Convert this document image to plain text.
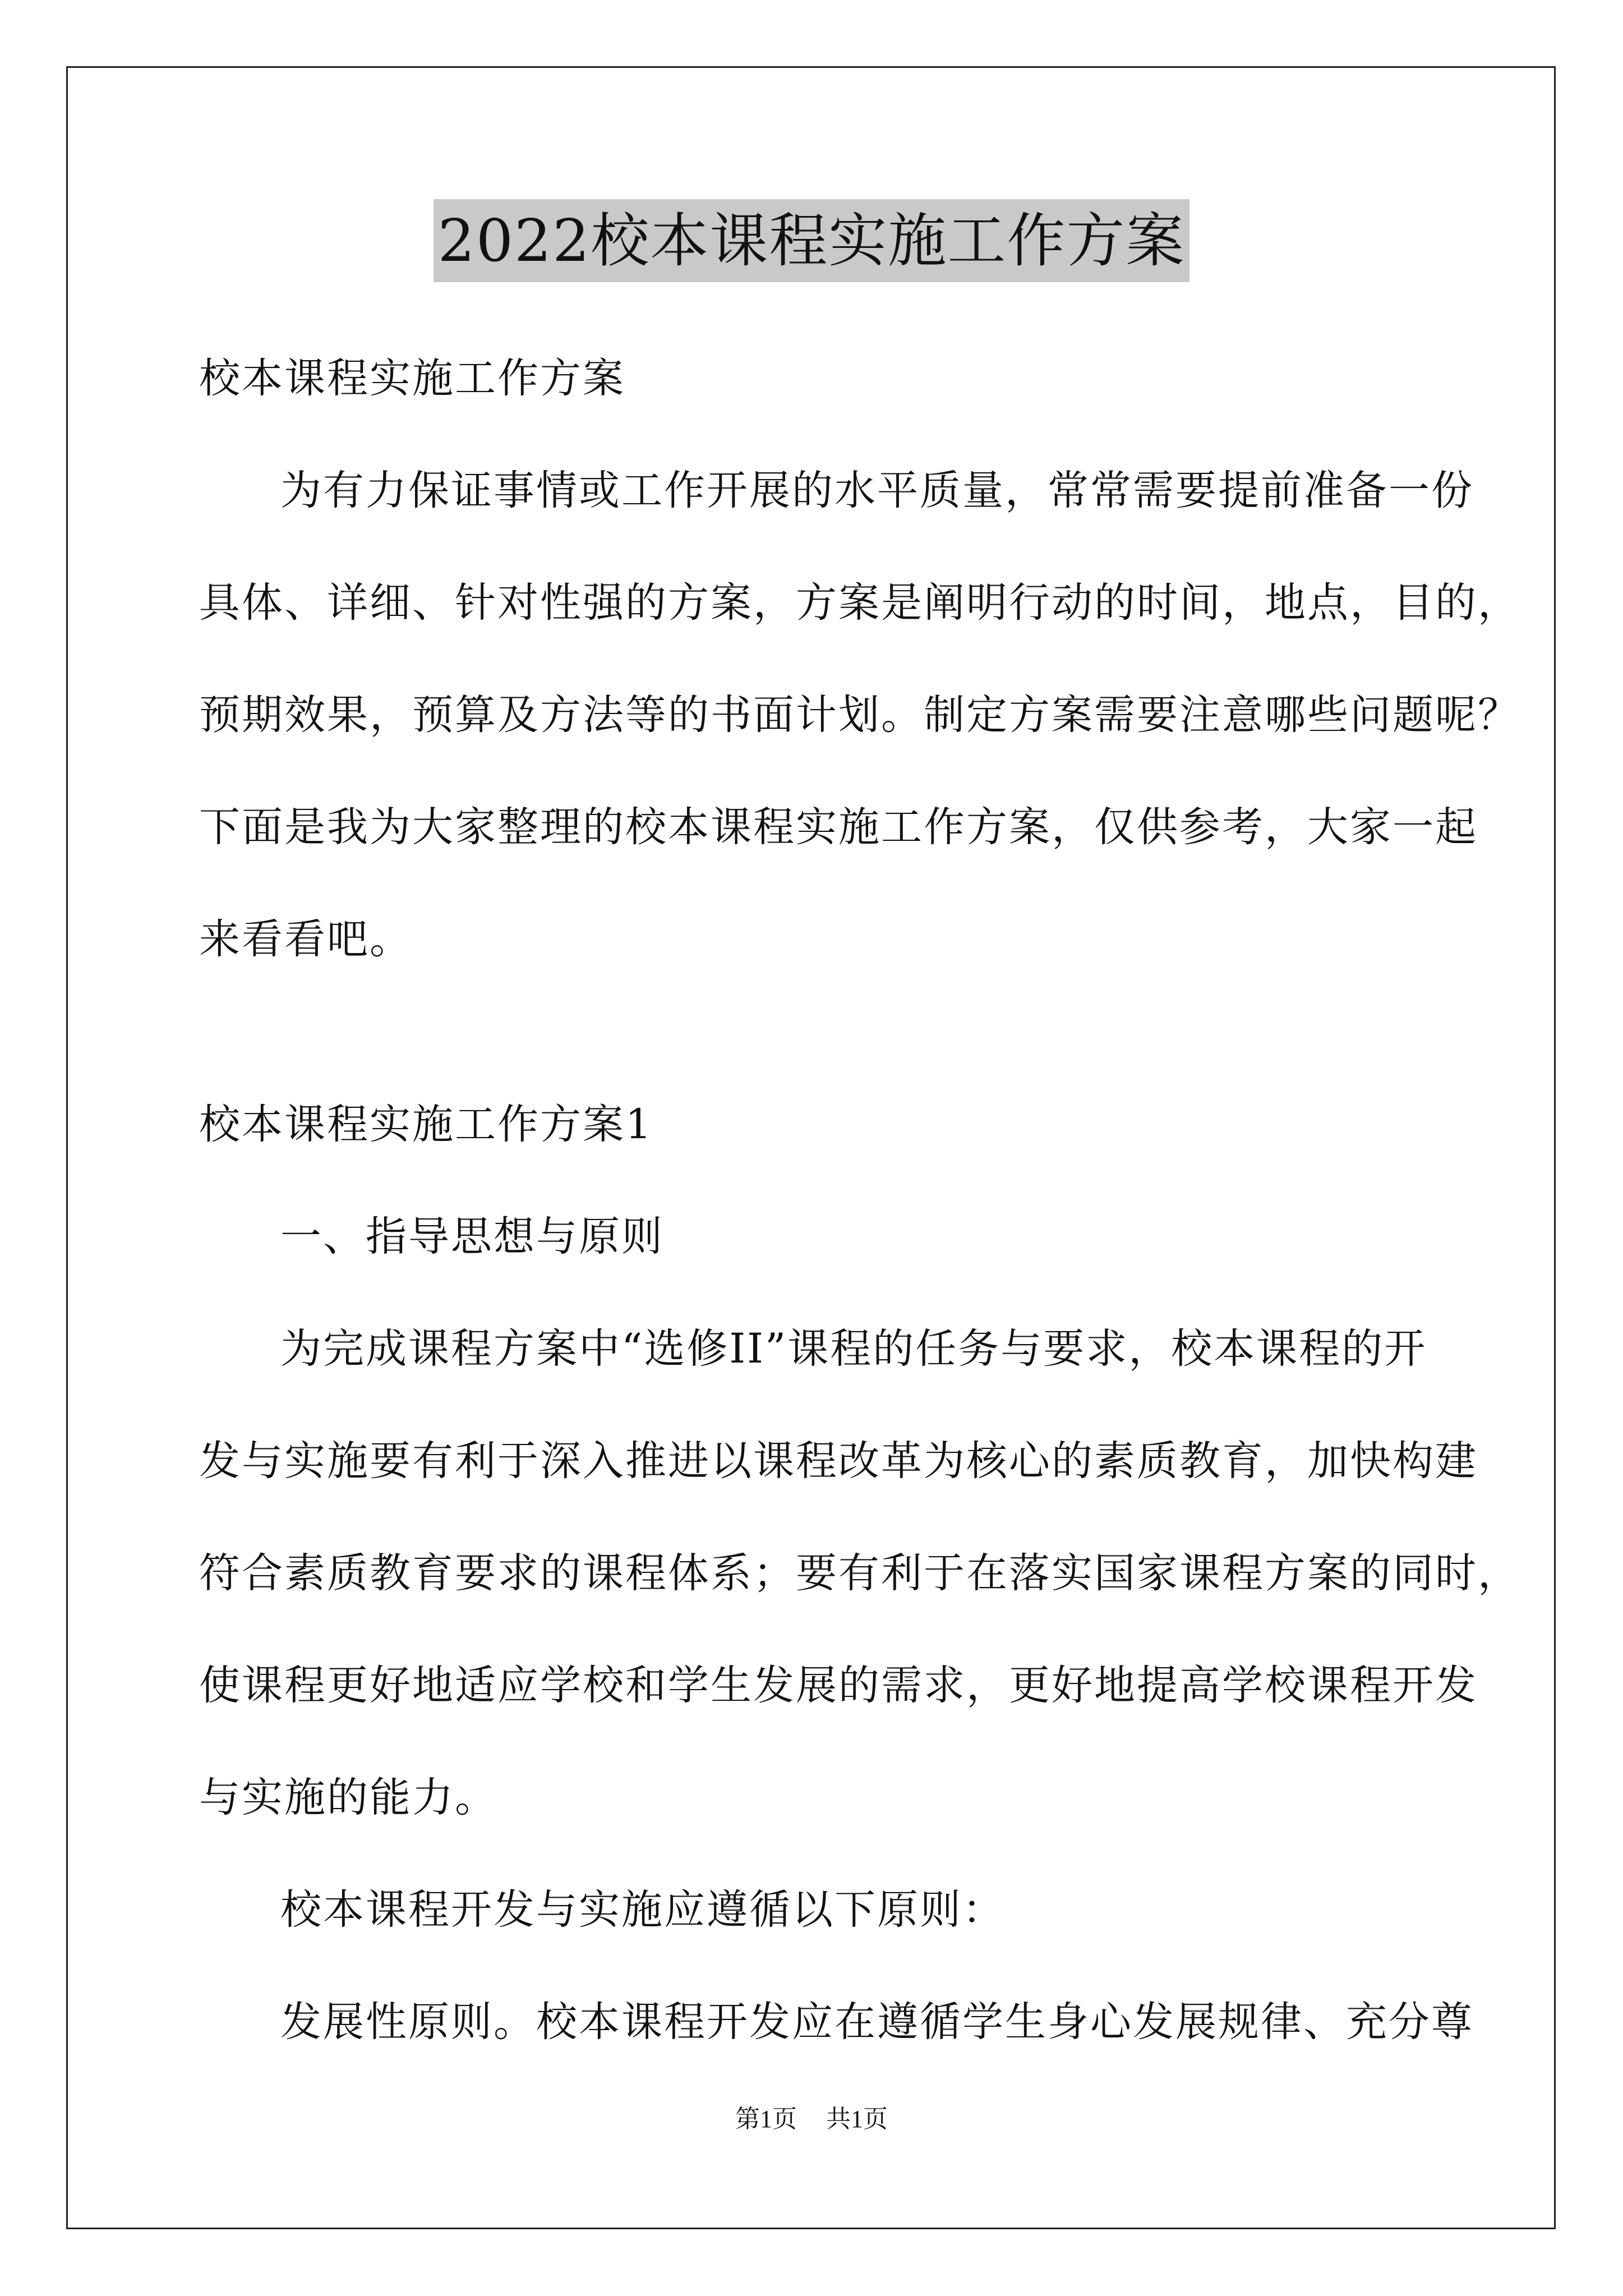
2022校本课程实施工作方案
校本课程实施工作方案
为有力保证事情或工作开展的水平质量，常常需要提前准备一份
具体、详细、针对性强的方案，方案是阐明行动的时间，地点，目的，
预期效果，预算及方法等的书面计划。制定方案需要注意哪些问题呢？
下面是我为大家整理的校本课程实施工作方案，仅供参考，大家一起
来看看吧。
校本课程实施工作方案1
一、指导思想与原则
为完成课程方案中“选修II”课程的任务与要求，校本课程的开
发与实施要有利于深入推进以课程改革为核心的素质教育，加快构建
符合素质教育要求的课程体系；要有利于在落实国家课程方案的同时，
使课程更好地适应学校和学生发展的需求，更好地提高学校课程开发
与实施的能力。
校本课程开发与实施应遵循以下原则：
发展性原则。校本课程开发应在遵循学生身心发展规律、充分尊
第1页 共1页
